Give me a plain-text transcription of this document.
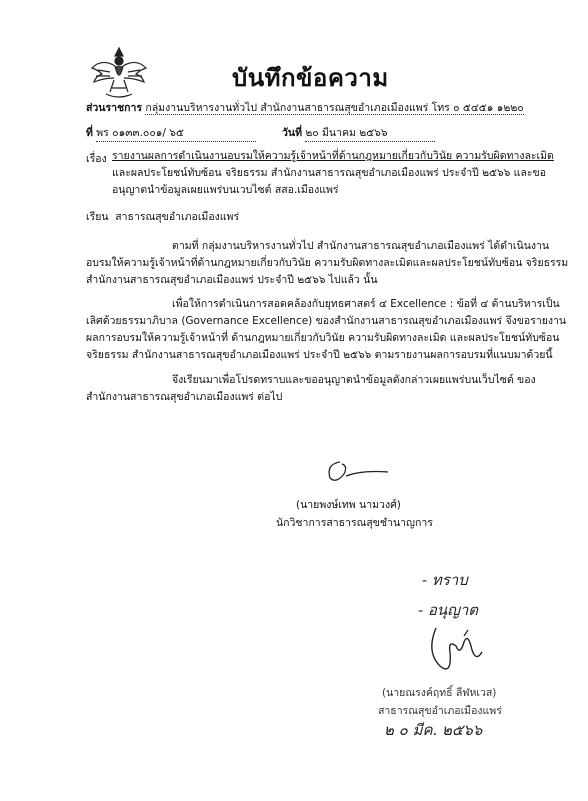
บันทึกข้อความ
ส่วนราชการ กลุ่มงานบริหารงานทั่วไป สำนักงานสาธารณสุขอำเภอเมืองแพร่ โทร ๐ ๕๔๕๑ ๑๒๒๐
ที่ พร ๐๑๓๓.๐๐๑/ ๖๕	วันที่ ๒๐ มีนาคม ๒๕๖๖
เรื่อง รายงานผลการดำเนินงานอบรมให้ความรู้เจ้าหน้าที่ด้านกฎหมายเกี่ยวกับวินัย ความรับผิดทางละเมิด
และผลประโยชน์ทับซ้อน จริยธรรม สำนักงานสาธารณสุขอำเภอเมืองแพร่ ประจำปี ๒๕๖๖ และขอ
อนุญาตนำข้อมูลเผยแพร่บนเวบไซต์ สสอ.เมืองแพร่
เรียน สาธารณสุขอำเภอเมืองแพร่
ตามที่ กลุ่มงานบริหารงานทั่วไป สำนักงานสาธารณสุขอำเภอเมืองแพร่ ได้ดำเนินงาน
อบรมให้ความรู้เจ้าหน้าที่ด้านกฎหมายเกี่ยวกับวินัย ความรับผิดทางละเมิดและผลประโยชน์ทับซ้อน จริยธรรม
สำนักงานสาธารณสุขอำเภอเมืองแพร่ ประจำปี ๒๕๖๖ ไปแล้ว นั้น
เพื่อให้การดำเนินการสอดคล้องกับยุทธศาสตร์ ๔ Excellence : ข้อที่ ๔ ด้านบริหารเป็น
เลิศด้วยธรรมาภิบาล (Governance Excellence) ของสำนักงานสาธารณสุขอำเภอเมืองแพร่ จึงขอรายงาน
ผลการอบรมให้ความรู้เจ้าหน้าที่ ด้านกฎหมายเกี่ยวกับวินัย ความรับผิดทางละเมิด และผลประโยชน์ทับซ้อน
จริยธรรม สำนักงานสาธารณสุขอำเภอเมืองแพร่ ประจำปี ๒๕๖๖ ตามรายงานผลการอบรมที่แนบมาด้วยนี้
จึงเรียนมาเพื่อโปรดทราบและขออนุญาตนำข้อมูลดังกล่าวเผยแพร่บนเว็บไซต์ ของ
สำนักงานสาธารณสุขอำเภอเมืองแพร่ ต่อไป
(นายพงษ์เทพ นามวงศ์)
นักวิชาการสาธารณสุขชำนาญการ
- ทราบ
- อนุญาต
(นายณรงค์ฤทธิ์ ลีฬหเวส)
สาธารณสุขอำเภอเมืองแพร่
๒ ๐ มีค. ๒๕๖๖
